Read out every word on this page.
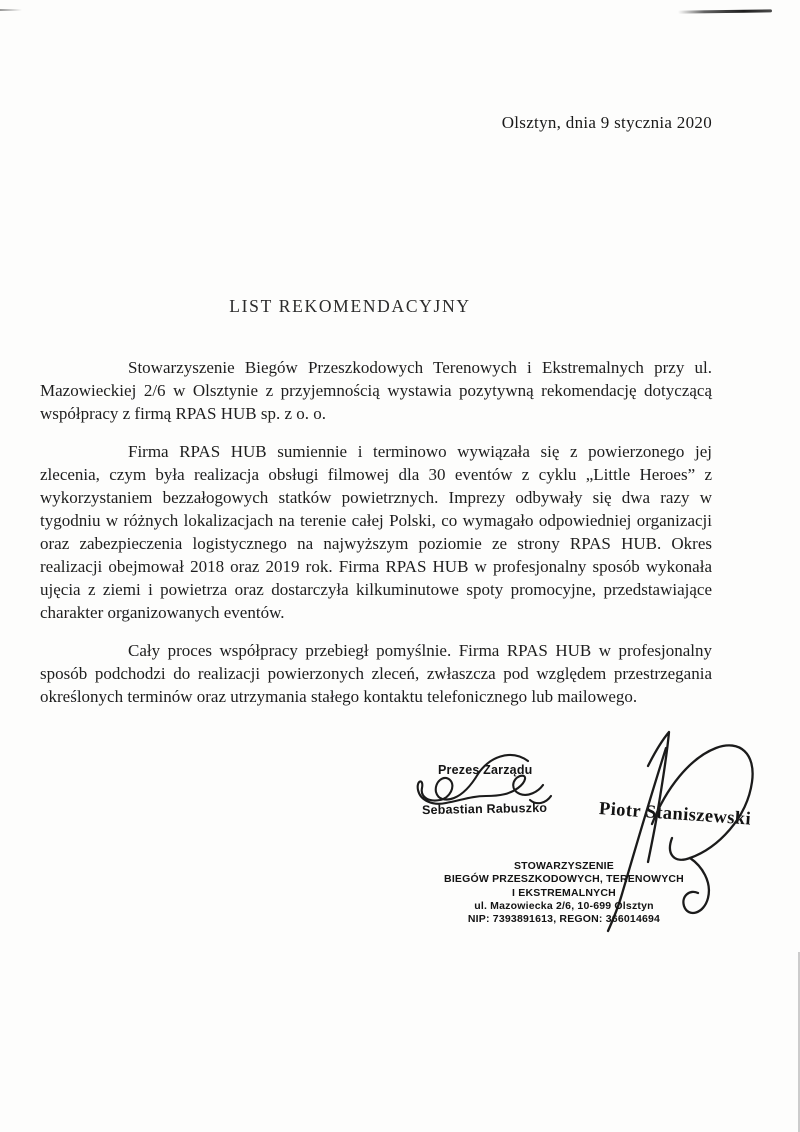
Olsztyn, dnia 9 stycznia 2020
LIST REKOMENDACYJNY

Stowarzyszenie Biegów Przeszkodowych Terenowych i Ekstremalnych przy ul. Mazowieckiej 2/6 w Olsztynie z przyjemnością wystawia pozytywną rekomendację dotyczącą współpracy z firmą RPAS HUB sp. z o. o.

Firma RPAS HUB sumiennie i terminowo wywiązała się z powierzonego jej zlecenia, czym była realizacja obsługi filmowej dla 30 eventów z cyklu „Little Heroes” z wykorzystaniem bezzałogowych statków powietrznych. Imprezy odbywały się dwa razy w tygodniu w różnych lokalizacjach na terenie całej Polski, co wymagało odpowiedniej organizacji oraz zabezpieczenia logistycznego na najwyższym poziomie ze strony RPAS HUB. Okres realizacji obejmował 2018 oraz 2019 rok. Firma RPAS HUB w profesjonalny sposób wykonała ujęcia z ziemi i powietrza oraz dostarczyła kilkuminutowe spoty promocyjne, przedstawiające charakter organizowanych eventów.

Cały proces współpracy przebiegł pomyślnie. Firma RPAS HUB w profesjonalny sposób podchodzi do realizacji powierzonych zleceń, zwłaszcza pod względem przestrzegania określonych terminów oraz utrzymania stałego kontaktu telefonicznego lub mailowego.

Prezes Zarządu
Sebastian Rabuszko	Piotr Staniszewski
STOWARZYSZENIE
BIEGÓW PRZESZKODOWYCH, TERENOWYCH
I EKSTREMALNYCH
ul. Mazowiecka 2/6, 10-699 Olsztyn
NIP: 7393891613, REGON: 366014694
